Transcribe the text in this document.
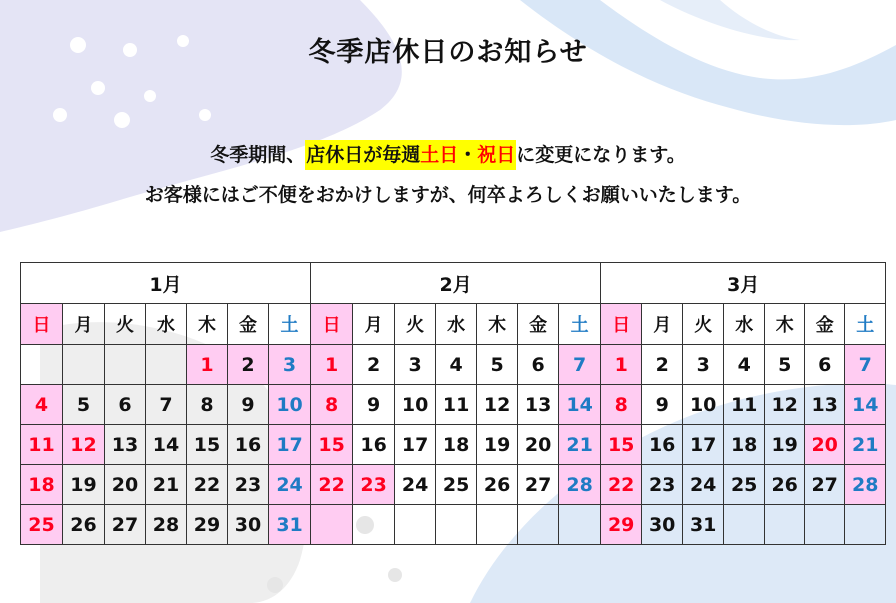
冬季店休日のお知らせ
冬季期間、店休日が毎週土日・祝日に変更になります。
お客様にはご不便をおかけしますが、何卒よろしくお願いいたします。
1月							2月							3月						
日	月	火	水	木	金	土	日	月	火	水	木	金	土	日	月	火	水	木	金	土
				1	2	3	1	2	3	4	5	6	7	1	2	3	4	5	6	7
4	5	6	7	8	9	10	8	9	10	11	12	13	14	8	9	10	11	12	13	14
11	12	13	14	15	16	17	15	16	17	18	19	20	21	15	16	17	18	19	20	21
18	19	20	21	22	23	24	22	23	24	25	26	27	28	22	23	24	25	26	27	28
25	26	27	28	29	30	31								29	30	31				
